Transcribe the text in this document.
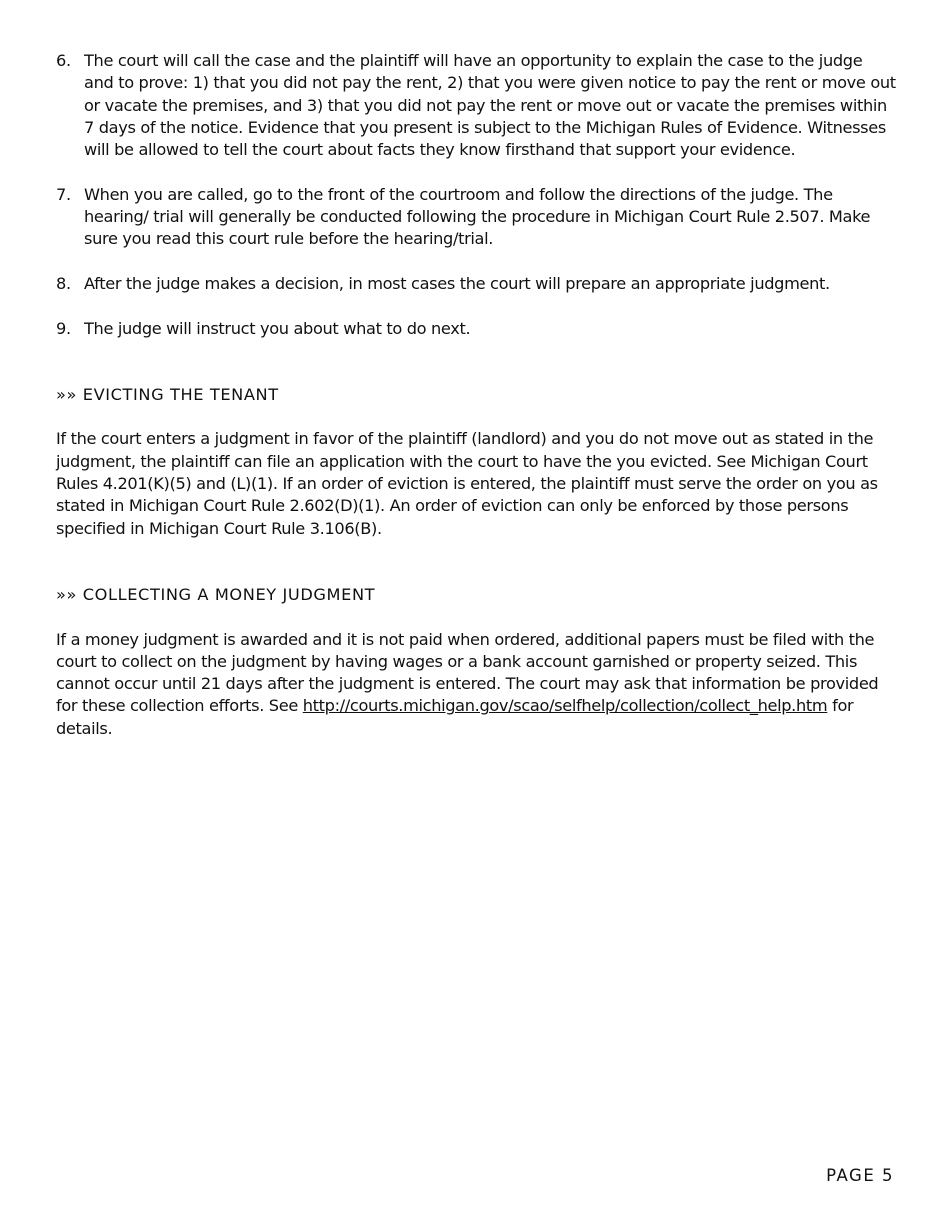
6. The court will call the case and the plaintiff will have an opportunity to explain the case to the judge and to prove: 1) that you did not pay the rent, 2) that you were given notice to pay the rent or move out or vacate the premises, and 3) that you did not pay the rent or move out or vacate the premises within 7 days of the notice. Evidence that you present is subject to the Michigan Rules of Evidence. Witnesses will be allowed to tell the court about facts they know firsthand that support your evidence.
7. When you are called, go to the front of the courtroom and follow the directions of the judge. The hearing/ trial will generally be conducted following the procedure in Michigan Court Rule 2.507. Make sure you read this court rule before the hearing/trial.
8. After the judge makes a decision, in most cases the court will prepare an appropriate judgment.
9. The judge will instruct you about what to do next.
»» EVICTING THE TENANT

If the court enters a judgment in favor of the plaintiff (landlord) and you do not move out as stated in the judgment, the plaintiff can file an application with the court to have the you evicted. See Michigan Court Rules 4.201(K)(5) and (L)(1). If an order of eviction is entered, the plaintiff must serve the order on you as stated in Michigan Court Rule 2.602(D)(1). An order of eviction can only be enforced by those persons specified in Michigan Court Rule 3.106(B).

»» COLLECTING A MONEY JUDGMENT

If a money judgment is awarded and it is not paid when ordered, additional papers must be filed with the court to collect on the judgment by having wages or a bank account garnished or property seized. This cannot occur until 21 days after the judgment is entered. The court may ask that information be provided for these collection efforts. See http://courts.michigan.gov/scao/selfhelp/collection/collect_help.htm for details.

PAGE 5
